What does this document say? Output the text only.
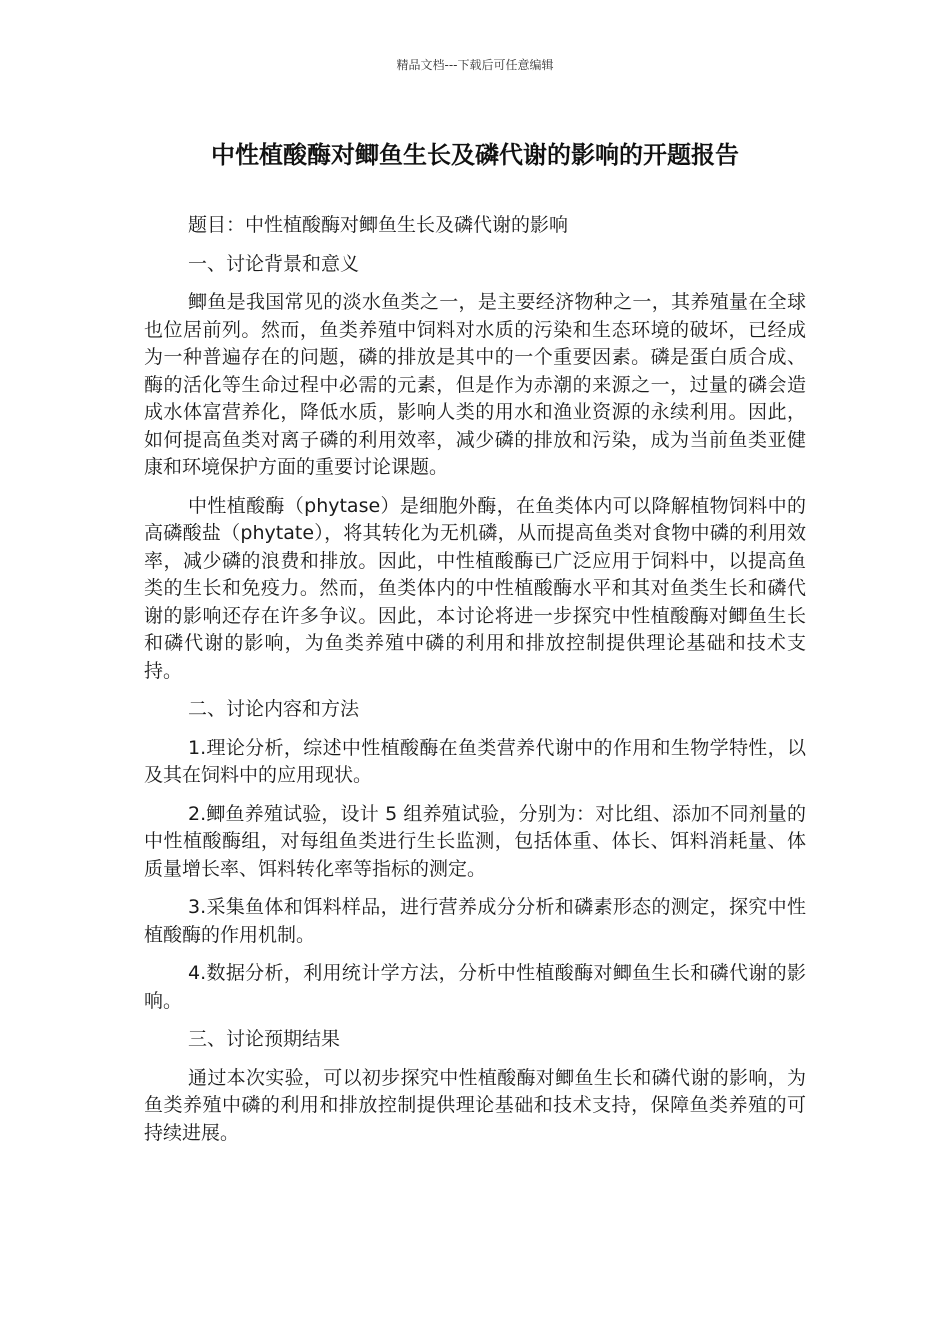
精品文档---下载后可任意编辑
中性植酸酶对鲫鱼生长及磷代谢的影响的开题报告

题目：中性植酸酶对鲫鱼生长及磷代谢的影响

一、讨论背景和意义

鲫鱼是我国常见的淡水鱼类之一，是主要经济物种之一，其养殖量在全球也位居前列。然而，鱼类养殖中饲料对水质的污染和生态环境的破坏，已经成为一种普遍存在的问题，磷的排放是其中的一个重要因素。磷是蛋白质合成、酶的活化等生命过程中必需的元素，但是作为赤潮的来源之一，过量的磷会造成水体富营养化，降低水质，影响人类的用水和渔业资源的永续利用。因此，如何提高鱼类对离子磷的利用效率，减少磷的排放和污染，成为当前鱼类亚健康和环境保护方面的重要讨论课题。

中性植酸酶（phytase）是细胞外酶，在鱼类体内可以降解植物饲料中的高磷酸盐（phytate），将其转化为无机磷，从而提高鱼类对食物中磷的利用效率，减少磷的浪费和排放。因此，中性植酸酶已广泛应用于饲料中，以提高鱼类的生长和免疫力。然而，鱼类体内的中性植酸酶水平和其对鱼类生长和磷代谢的影响还存在许多争议。因此，本讨论将进一步探究中性植酸酶对鲫鱼生长和磷代谢的影响，为鱼类养殖中磷的利用和排放控制提供理论基础和技术支持。

二、讨论内容和方法

1.理论分析，综述中性植酸酶在鱼类营养代谢中的作用和生物学特性，以及其在饲料中的应用现状。

2.鲫鱼养殖试验，设计 5 组养殖试验，分别为：对比组、添加不同剂量的中性植酸酶组，对每组鱼类进行生长监测，包括体重、体长、饵料消耗量、体质量增长率、饵料转化率等指标的测定。

3.采集鱼体和饵料样品，进行营养成分分析和磷素形态的测定，探究中性植酸酶的作用机制。

4.数据分析，利用统计学方法，分析中性植酸酶对鲫鱼生长和磷代谢的影响。

三、讨论预期结果

通过本次实验，可以初步探究中性植酸酶对鲫鱼生长和磷代谢的影响，为鱼类养殖中磷的利用和排放控制提供理论基础和技术支持，保障鱼类养殖的可持续进展。
